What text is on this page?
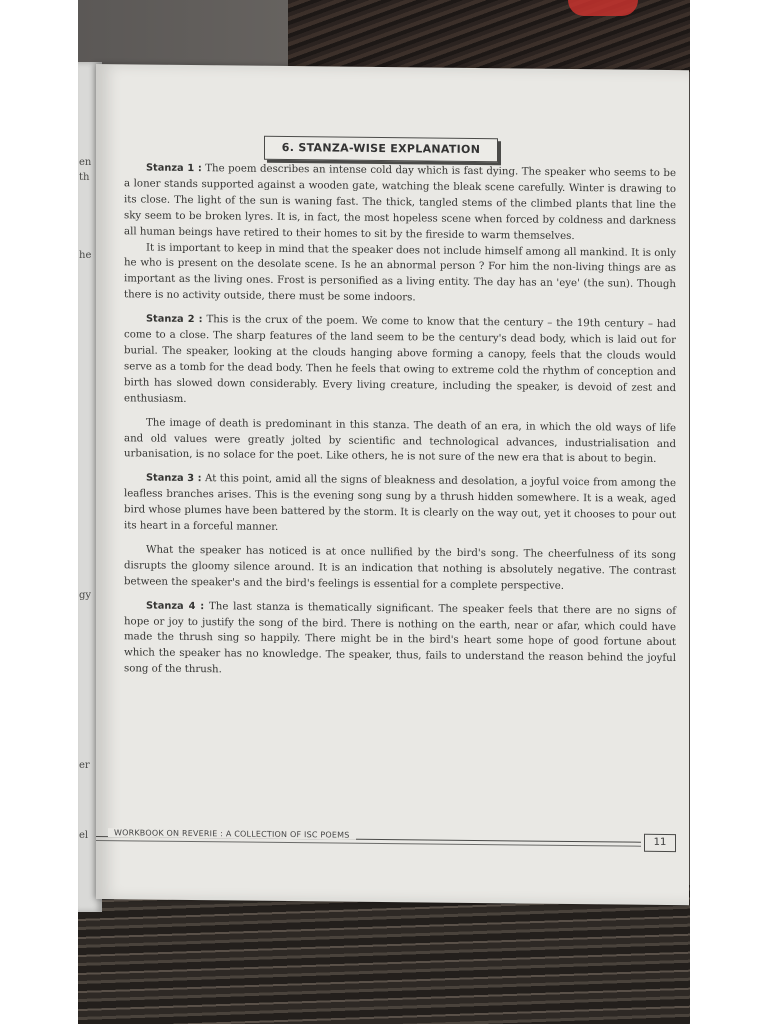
en
th
he
gy
er
el
6. STANZA-WISE EXPLANATION

Stanza 1 : The poem describes an intense cold day which is fast dying. The speaker who seems to be a loner stands supported against a wooden gate, watching the bleak scene carefully. Winter is drawing to its close. The light of the sun is waning fast. The thick, tangled stems of the climbed plants that line the sky seem to be broken lyres. It is, in fact, the most hopeless scene when forced by coldness and darkness all human beings have retired to their homes to sit by the fireside to warm themselves.

It is important to keep in mind that the speaker does not include himself among all mankind. It is only he who is present on the desolate scene. Is he an abnormal person ? For him the non-living things are as important as the living ones. Frost is personified as a living entity. The day has an 'eye' (the sun). Though there is no activity outside, there must be some indoors.

Stanza 2 : This is the crux of the poem. We come to know that the century – the 19th century – had come to a close. The sharp features of the land seem to be the century's dead body, which is laid out for burial. The speaker, looking at the clouds hanging above forming a canopy, feels that the clouds would serve as a tomb for the dead body. Then he feels that owing to extreme cold the rhythm of conception and birth has slowed down considerably. Every living creature, including the speaker, is devoid of zest and enthusiasm.

The image of death is predominant in this stanza. The death of an era, in which the old ways of life and old values were greatly jolted by scientific and technological advances, industrialisation and urbanisation, is no solace for the poet. Like others, he is not sure of the new era that is about to begin.

Stanza 3 : At this point, amid all the signs of bleakness and desolation, a joyful voice from among the leafless branches arises. This is the evening song sung by a thrush hidden somewhere. It is a weak, aged bird whose plumes have been battered by the storm. It is clearly on the way out, yet it chooses to pour out its heart in a forceful manner.

What the speaker has noticed is at once nullified by the bird's song. The cheerfulness of its song disrupts the gloomy silence around. It is an indication that nothing is absolutely negative. The contrast between the speaker's and the bird's feelings is essential for a complete perspective.

Stanza 4 : The last stanza is thematically significant. The speaker feels that there are no signs of hope or joy to justify the song of the bird. There is nothing on the earth, near or afar, which could have made the thrush sing so happily. There might be in the bird's heart some hope of good fortune about which the speaker has no knowledge. The speaker, thus, fails to understand the reason behind the joyful song of the thrush.

WORKBOOK ON REVERIE : A COLLECTION OF ISC POEMS
11
